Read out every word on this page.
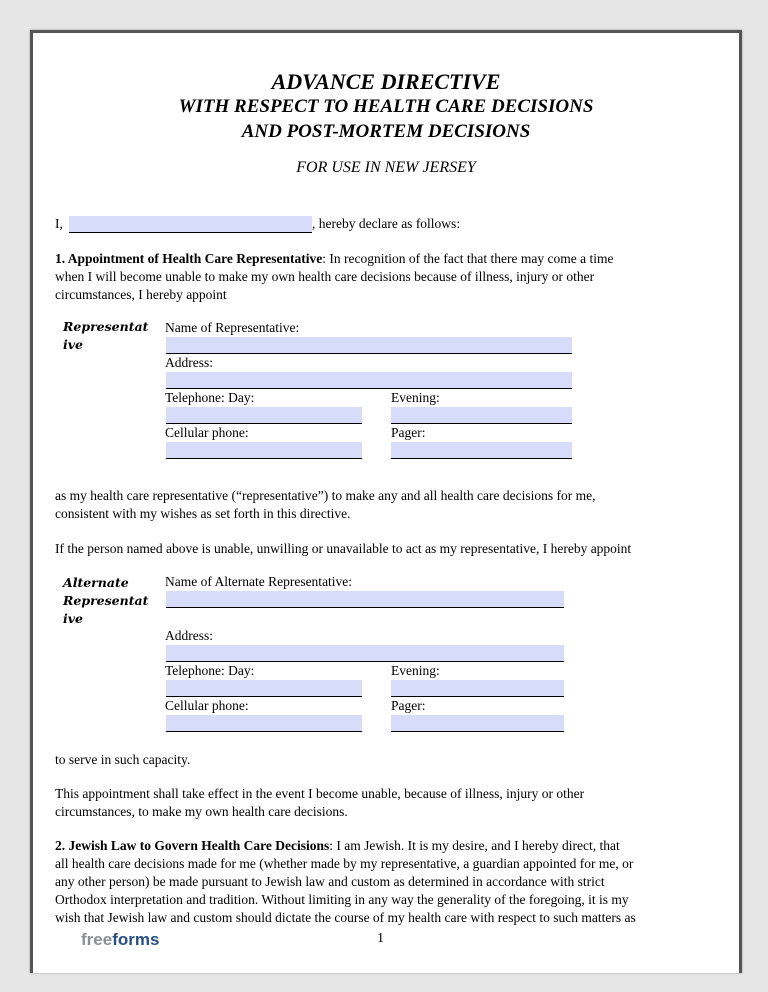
ADVANCE DIRECTIVE
WITH RESPECT TO HEALTH CARE DECISIONS
AND POST-MORTEM DECISIONS
FOR USE IN NEW JERSEY
I,	, hereby declare as follows:
1. Appointment of Health Care Representative: In recognition of the fact that there may come a time
when I will become unable to make my own health care decisions because of illness, injury or other
circumstances, I hereby appoint
Representat
ive
Name of Representative:
Address:
Telephone: Day:	Evening:
Cellular phone:	Pager:
as my health care representative (“representative”) to make any and all health care decisions for me,
consistent with my wishes as set forth in this directive.
If the person named above is unable, unwilling or unavailable to act as my representative, I hereby appoint
Alternate
Representat
ive
Name of Alternate Representative:
Address:
Telephone: Day:	Evening:
Cellular phone:	Pager:
to serve in such capacity.
This appointment shall take effect in the event I become unable, because of illness, injury or other
circumstances, to make my own health care decisions.
2. Jewish Law to Govern Health Care Decisions: I am Jewish. It is my desire, and I hereby direct, that
all health care decisions made for me (whether made by my representative, a guardian appointed for me, or
any other person) be made pursuant to Jewish law and custom as determined in accordance with strict
Orthodox interpretation and tradition. Without limiting in any way the generality of the foregoing, it is my
wish that Jewish law and custom should dictate the course of my health care with respect to such matters as
freeforms	1
